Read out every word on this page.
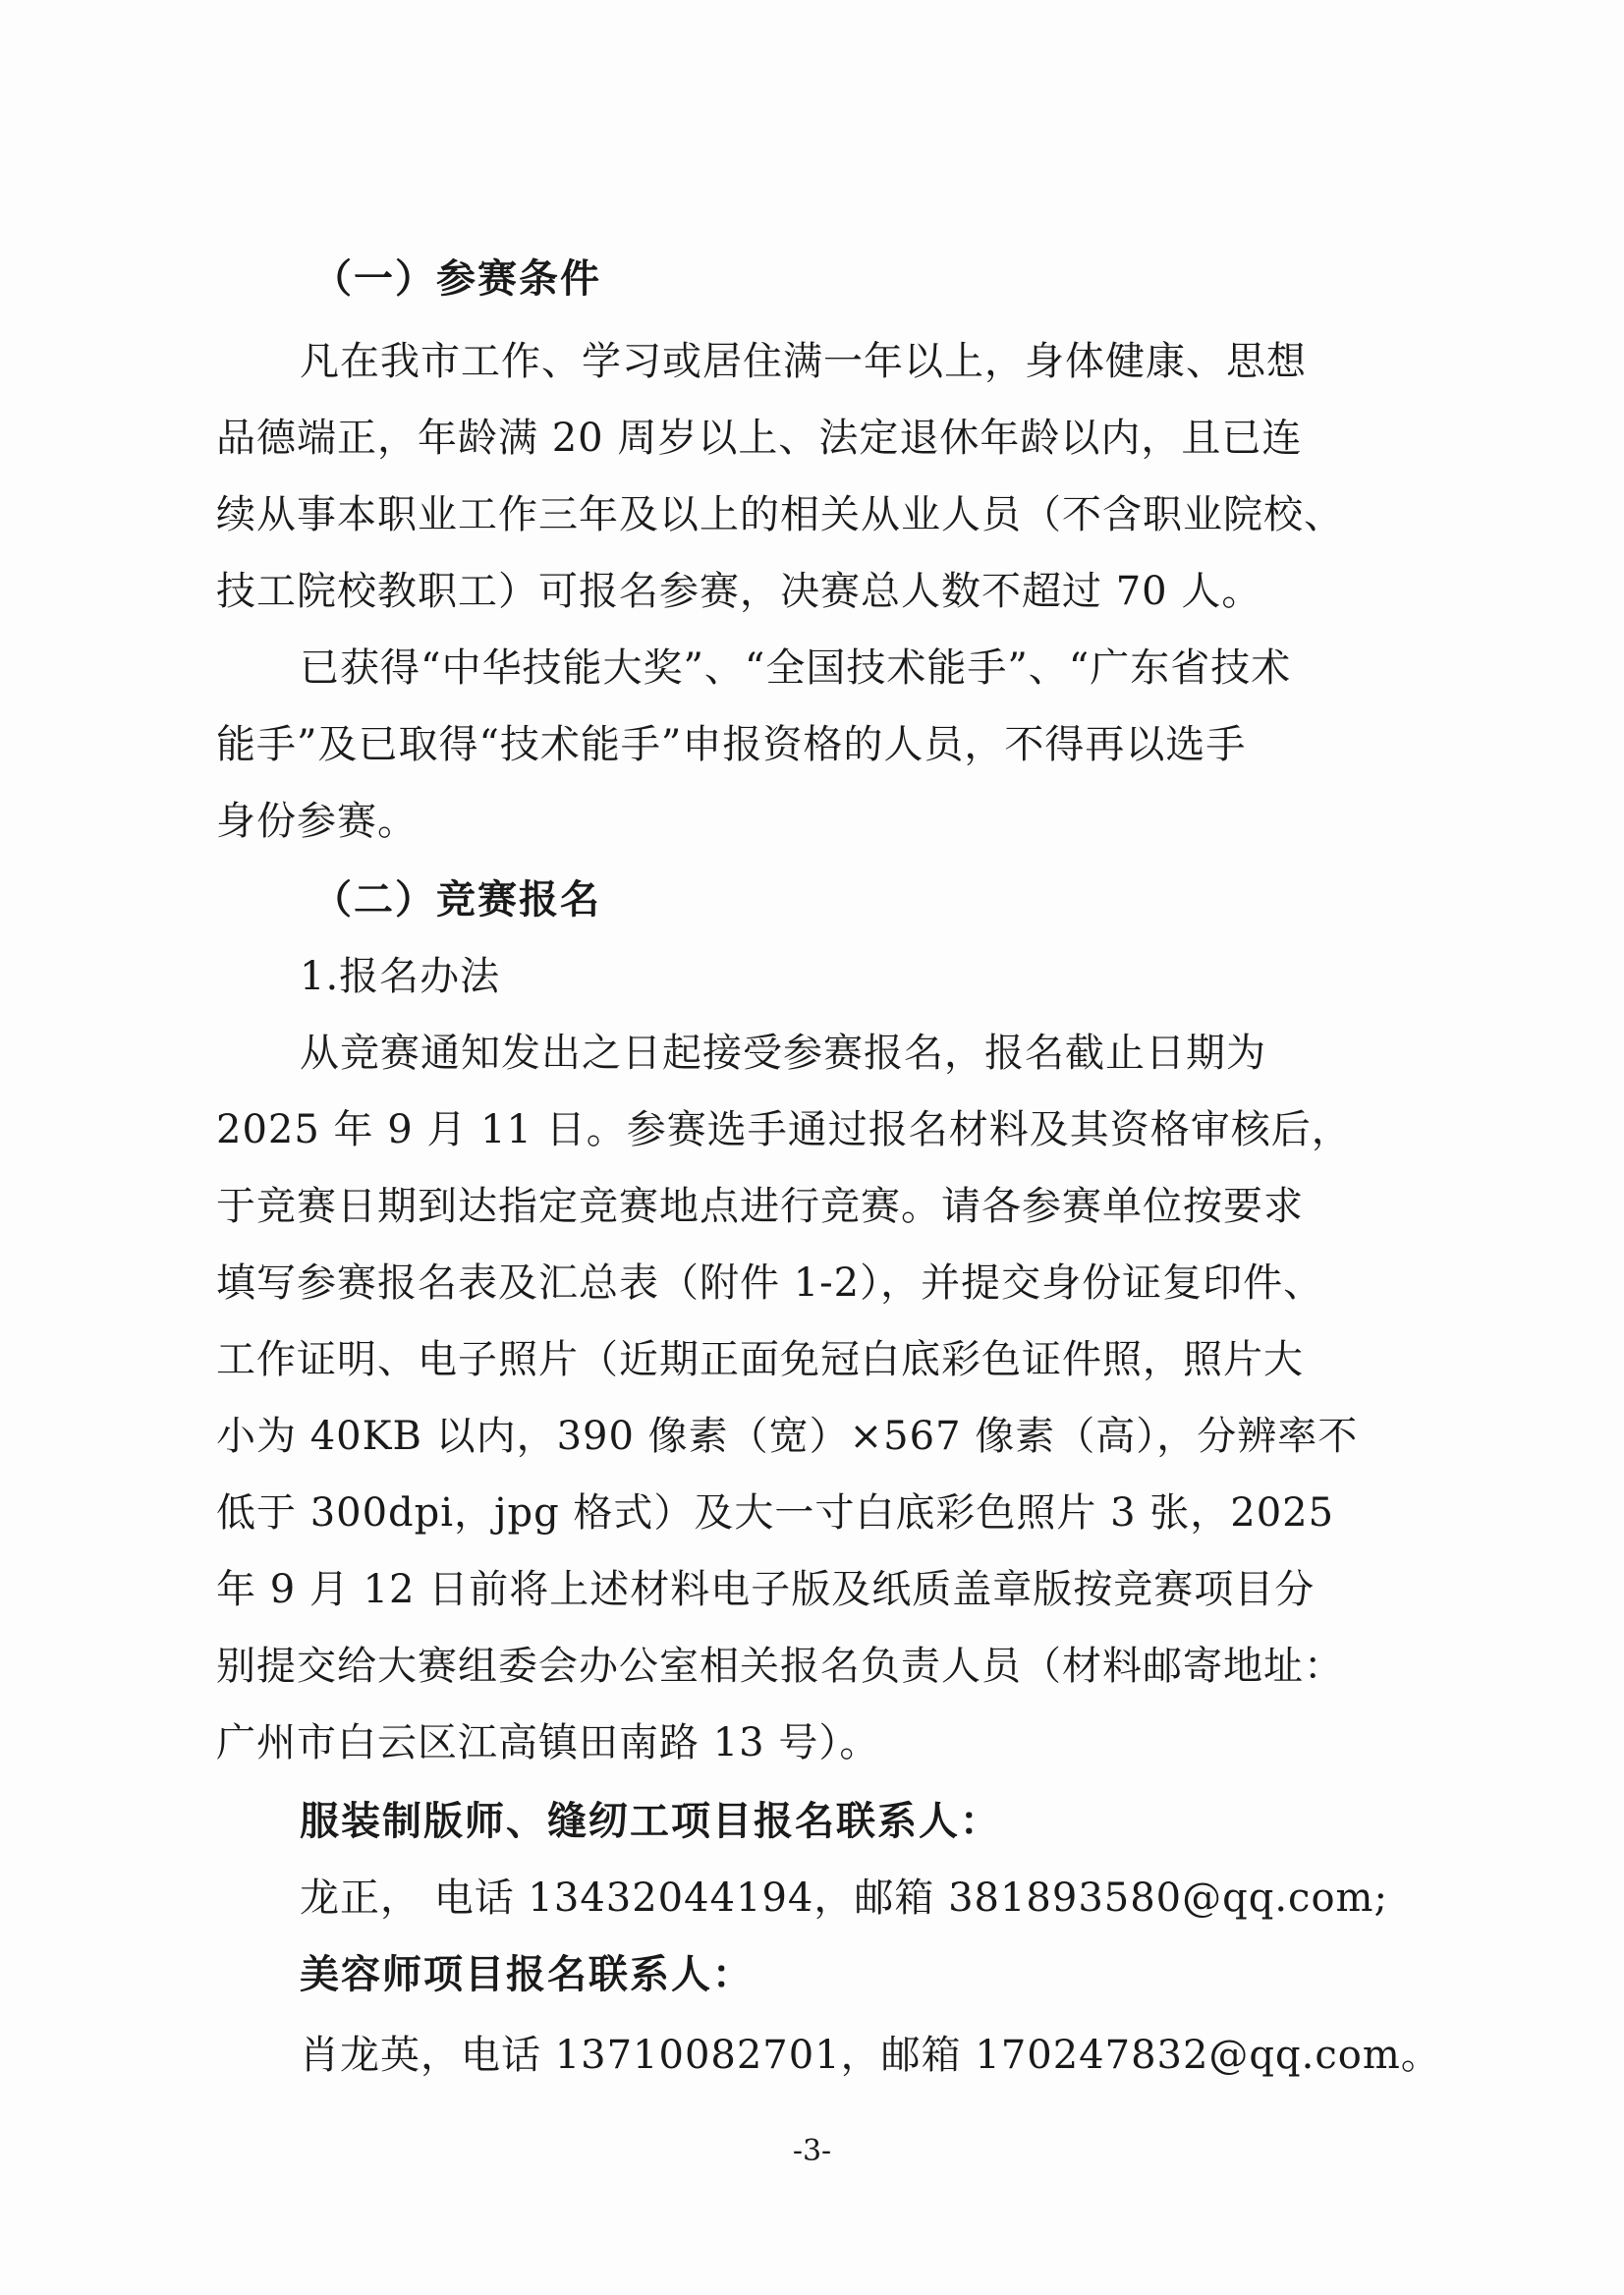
（一）参赛条件
凡在我市工作、学习或居住满一年以上，身体健康、思想
品德端正，年龄满 20 周岁以上、法定退休年龄以内，且已连
续从事本职业工作三年及以上的相关从业人员（不含职业院校、
技工院校教职工）可报名参赛，决赛总人数不超过 70 人。
已获得“中华技能大奖”、“全国技术能手”、“广东省技术
能手”及已取得“技术能手”申报资格的人员，不得再以选手
身份参赛。
（二）竞赛报名
1.报名办法
从竞赛通知发出之日起接受参赛报名，报名截止日期为
2025 年 9 月 11 日。参赛选手通过报名材料及其资格审核后，
于竞赛日期到达指定竞赛地点进行竞赛。请各参赛单位按要求
填写参赛报名表及汇总表（附件 1-2），并提交身份证复印件、
工作证明、电子照片（近期正面免冠白底彩色证件照，照片大
小为 40KB 以内，390 像素（宽）×567 像素（高），分辨率不
低于 300dpi，jpg 格式）及大一寸白底彩色照片 3 张，2025
年 9 月 12 日前将上述材料电子版及纸质盖章版按竞赛项目分
别提交给大赛组委会办公室相关报名负责人员（材料邮寄地址：
广州市白云区江高镇田南路 13 号）。
服装制版师、缝纫工项目报名联系人：
龙正， 电话 13432044194，邮箱 381893580@qq.com;
美容师项目报名联系人：
肖龙英，电话 13710082701，邮箱 170247832@qq.com。
-3-
